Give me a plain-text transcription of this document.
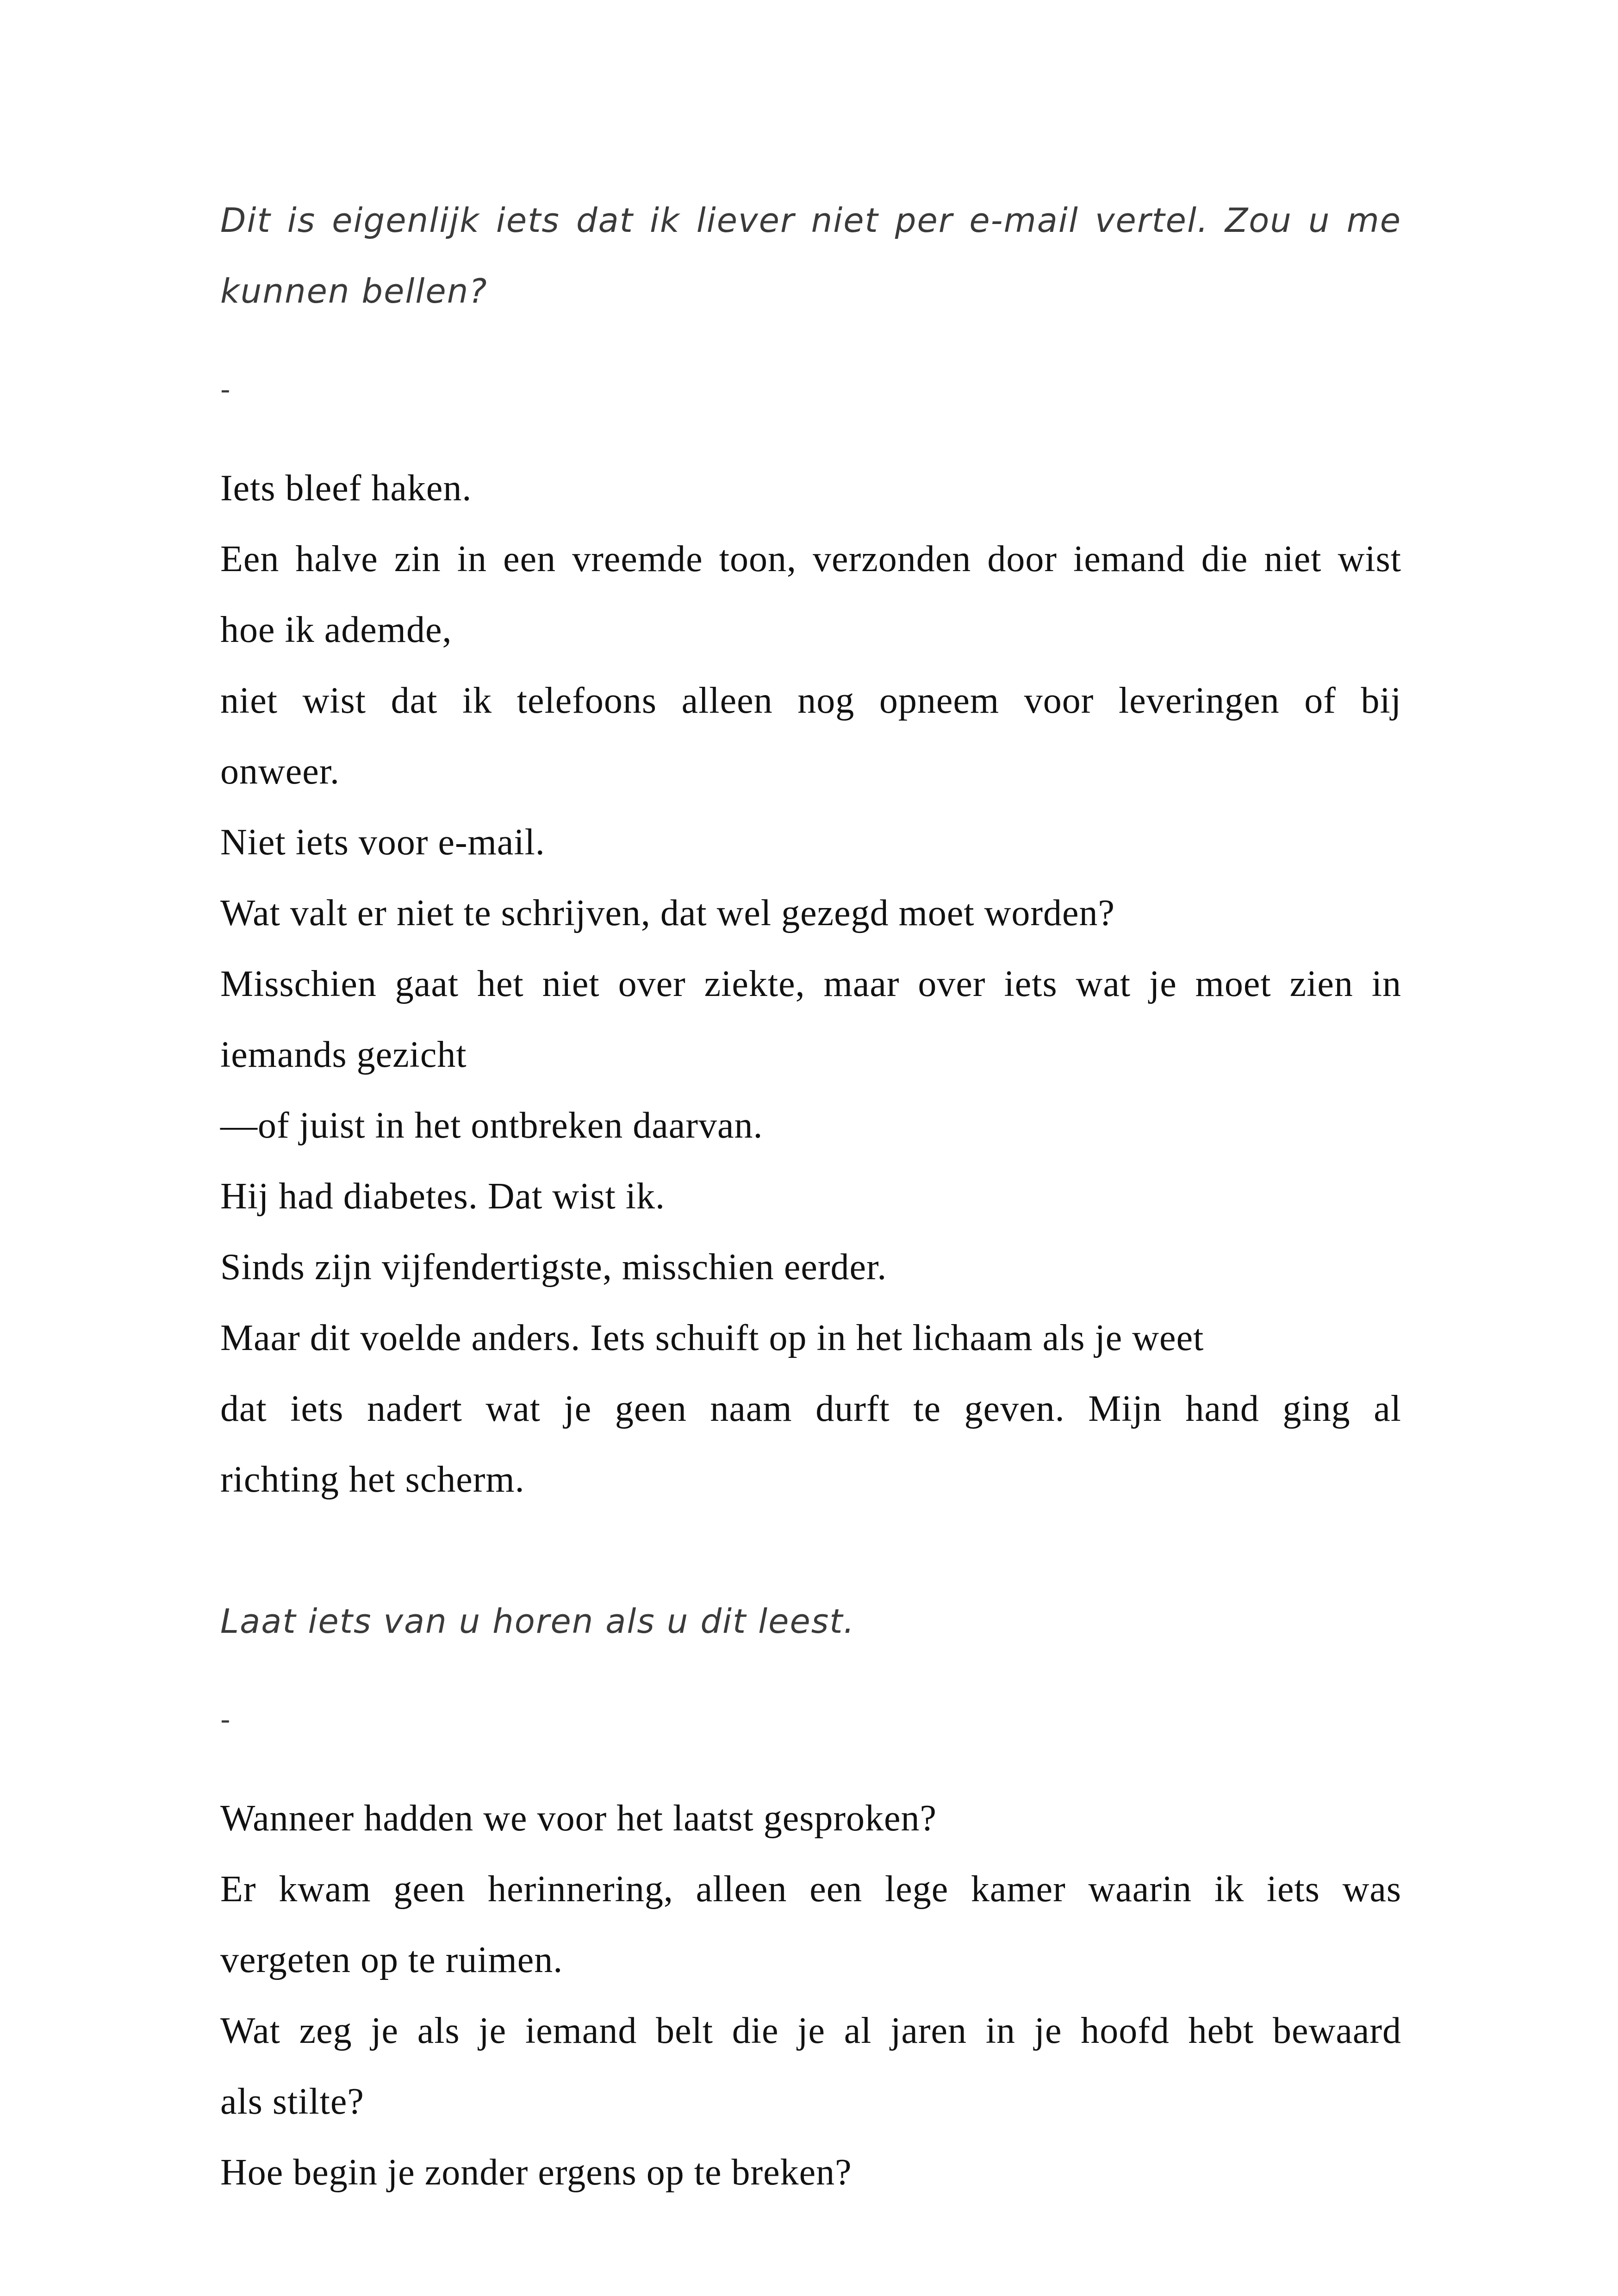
Dit is eigenlijk iets dat ik liever niet per e-mail vertel. Zou u me

kunnen bellen?

-

Iets bleef haken.

Een halve zin in een vreemde toon, verzonden door iemand die niet wist

hoe ik ademde,

niet wist dat ik telefoons alleen nog opneem voor leveringen of bij

onweer.

Niet iets voor e-mail.

Wat valt er niet te schrijven, dat wel gezegd moet worden?

Misschien gaat het niet over ziekte, maar over iets wat je moet zien in

iemands gezicht

—of juist in het ontbreken daarvan.

Hij had diabetes. Dat wist ik.

Sinds zijn vijfendertigste, misschien eerder.

Maar dit voelde anders. Iets schuift op in het lichaam als je weet

dat iets nadert wat je geen naam durft te geven. Mijn hand ging al

richting het scherm.

Laat iets van u horen als u dit leest.

-

Wanneer hadden we voor het laatst gesproken?

Er kwam geen herinnering, alleen een lege kamer waarin ik iets was

vergeten op te ruimen.

Wat zeg je als je iemand belt die je al jaren in je hoofd hebt bewaard

als stilte?

Hoe begin je zonder ergens op te breken?
